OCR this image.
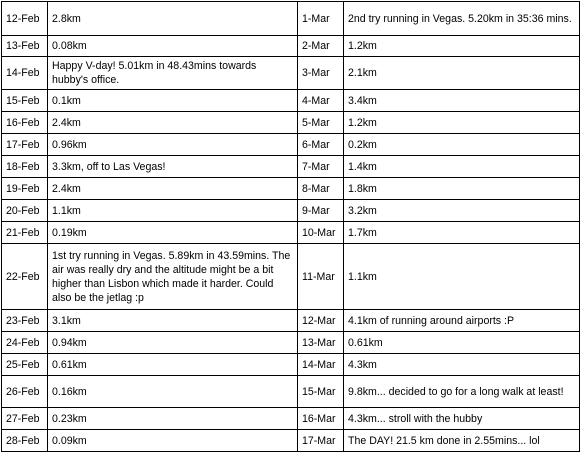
12-Feb	2.8km	1-Mar	2nd try running in Vegas. 5.20km in 35:36 mins.
13-Feb	0.08km	2-Mar	1.2km
14-Feb	Happy V-day! 5.01km in 48.43mins towards hubby's office.	3-Mar	2.1km
15-Feb	0.1km	4-Mar	3.4km
16-Feb	2.4km	5-Mar	1.2km
17-Feb	0.96km	6-Mar	0.2km
18-Feb	3.3km, off to Las Vegas!	7-Mar	1.4km
19-Feb	2.4km	8-Mar	1.8km
20-Feb	1.1km	9-Mar	3.2km
21-Feb	0.19km	10-Mar	1.7km
22-Feb	1st try running in Vegas. 5.89km in 43.59mins. The air was really dry and the altitude might be a bit higher than Lisbon which made it harder. Could also be the jetlag :p	11-Mar	1.1km
23-Feb	3.1km	12-Mar	4.1km of running around airports :P
24-Feb	0.94km	13-Mar	0.61km
25-Feb	0.61km	14-Mar	4.3km
26-Feb	0.16km	15-Mar	9.8km... decided to go for a long walk at least!
27-Feb	0.23km	16-Mar	4.3km... stroll with the hubby
28-Feb	0.09km	17-Mar	The DAY! 21.5 km done in 2.55mins... lol
